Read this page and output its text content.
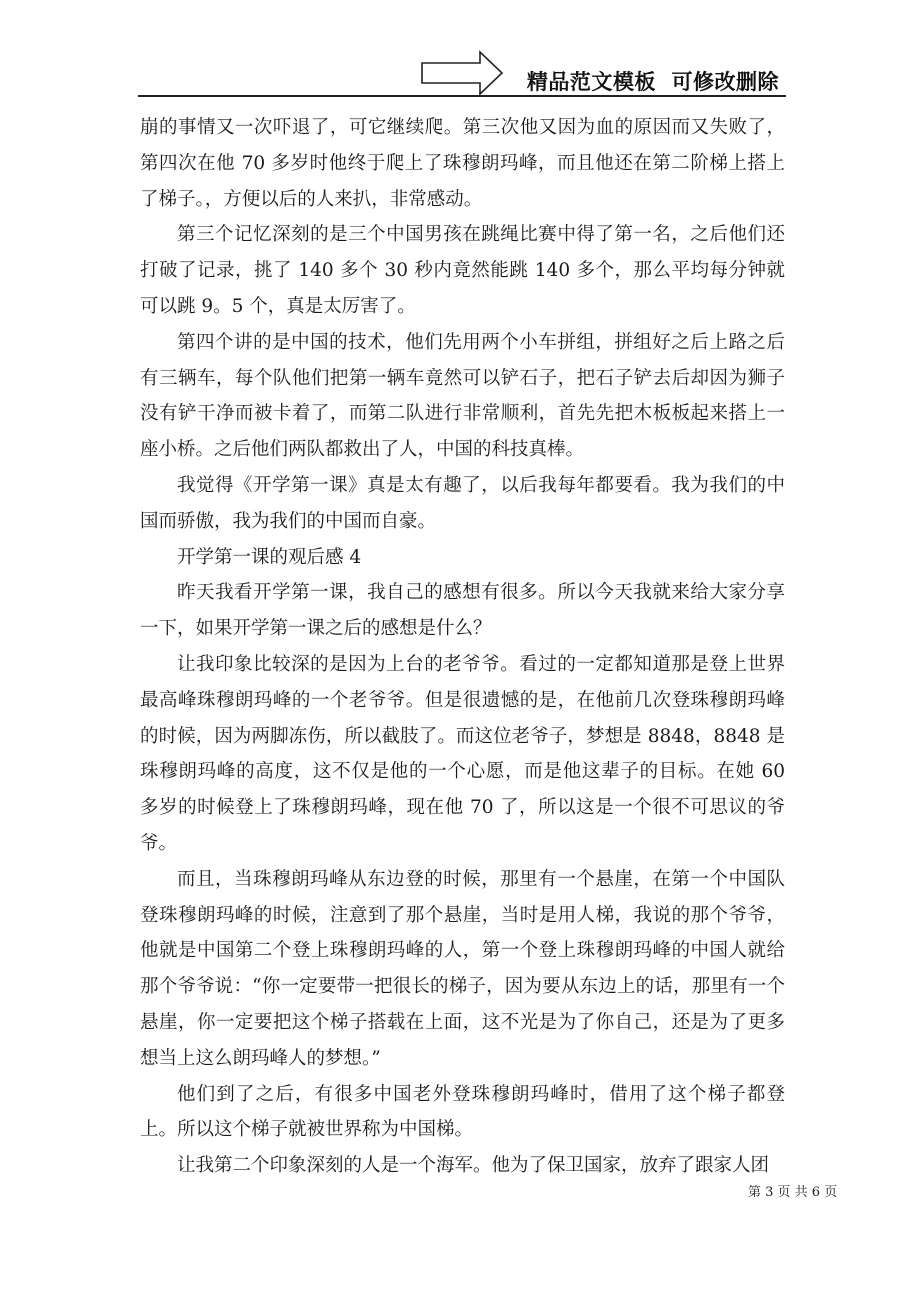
精品范文模板  可修改删除

崩的事情又一次吓退了，可它继续爬。第三次他又因为血的原因而又失败了，第四次在他 70 多岁时他终于爬上了珠穆朗玛峰，而且他还在第二阶梯上搭上了梯子。，方便以后的人来扒，非常感动。

第三个记忆深刻的是三个中国男孩在跳绳比赛中得了第一名，之后他们还打破了记录，挑了 140 多个 30 秒内竟然能跳 140 多个，那么平均每分钟就可以跳 9。5 个，真是太厉害了。

第四个讲的是中国的技术，他们先用两个小车拼组，拼组好之后上路之后有三辆车，每个队他们把第一辆车竟然可以铲石子，把石子铲去后却因为狮子没有铲干净而被卡着了，而第二队进行非常顺利，首先先把木板板起来搭上一座小桥。之后他们两队都救出了人，中国的科技真棒。

我觉得《开学第一课》真是太有趣了，以后我每年都要看。我为我们的中国而骄傲，我为我们的中国而自豪。

开学第一课的观后感 4

昨天我看开学第一课，我自己的感想有很多。所以今天我就来给大家分享一下，如果开学第一课之后的感想是什么？

让我印象比较深的是因为上台的老爷爷。看过的一定都知道那是登上世界最高峰珠穆朗玛峰的一个老爷爷。但是很遗憾的是，在他前几次登珠穆朗玛峰的时候，因为两脚冻伤，所以截肢了。而这位老爷子，梦想是 8848，8848 是珠穆朗玛峰的高度，这不仅是他的一个心愿，而是他这辈子的目标。在她 60 多岁的时候登上了珠穆朗玛峰，现在他 70 了，所以这是一个很不可思议的爷爷。

而且，当珠穆朗玛峰从东边登的时候，那里有一个悬崖，在第一个中国队登珠穆朗玛峰的时候，注意到了那个悬崖，当时是用人梯，我说的那个爷爷，他就是中国第二个登上珠穆朗玛峰的人，第一个登上珠穆朗玛峰的中国人就给那个爷爷说：“你一定要带一把很长的梯子，因为要从东边上的话，那里有一个悬崖，你一定要把这个梯子搭载在上面，这不光是为了你自己，还是为了更多想当上这么朗玛峰人的梦想。”

他们到了之后，有很多中国老外登珠穆朗玛峰时，借用了这个梯子都登上。所以这个梯子就被世界称为中国梯。

让我第二个印象深刻的人是一个海军。他为了保卫国家，放弃了跟家人团

第 3 页 共 6 页
